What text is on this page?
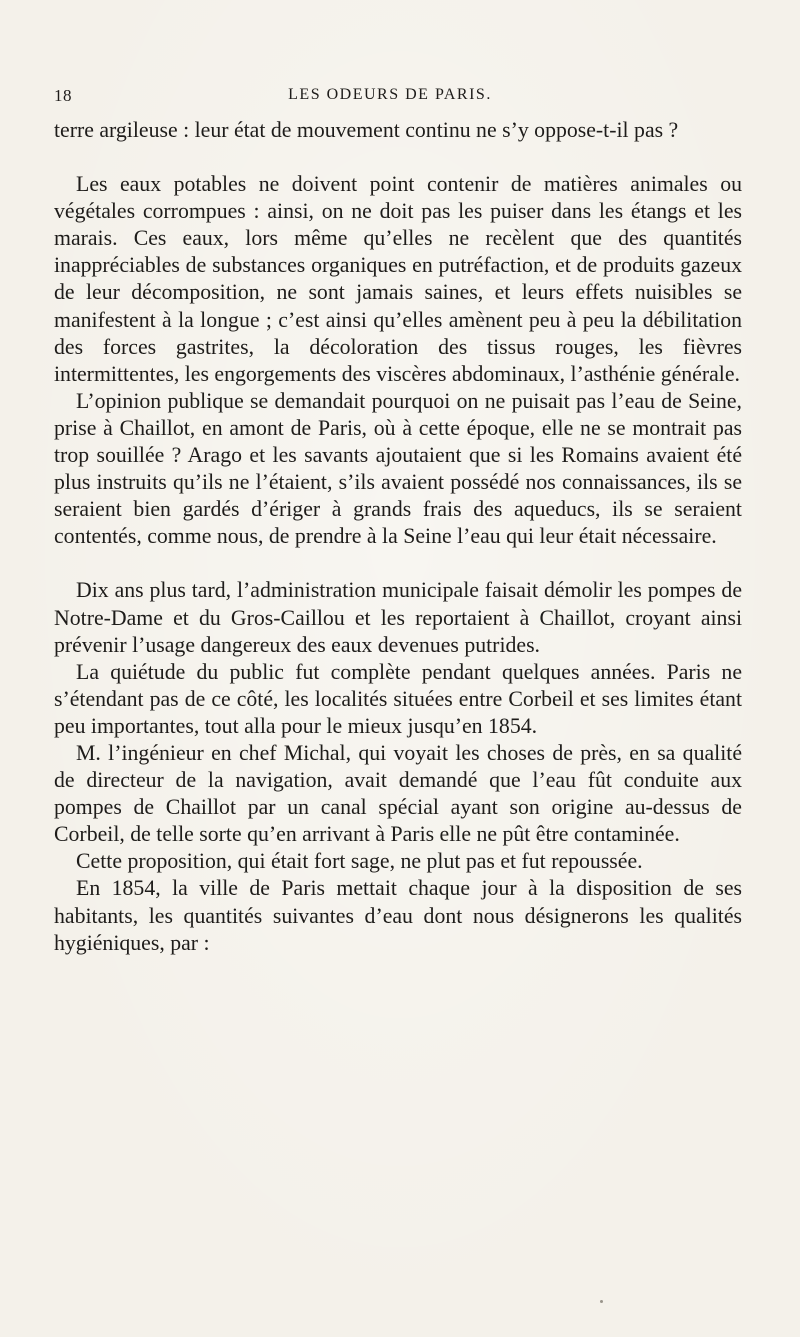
18	LES ODEURS DE PARIS.

terre argileuse : leur état de mouvement continu ne s’y oppose-t-il pas ?

Les eaux potables ne doivent point contenir de matières animales ou végétales corrompues : ainsi, on ne doit pas les puiser dans les étangs et les marais. Ces eaux, lors même qu’elles ne recèlent que des quantités inappréciables de substances organiques en putréfaction, et de produits gazeux de leur décomposition, ne sont jamais saines, et leurs effets nuisibles se manifestent à la longue ; c’est ainsi qu’elles amènent peu à peu la débilitation des forces gastrites, la décoloration des tissus rouges, les fièvres intermittentes, les engorgements des viscères abdominaux, l’asthénie générale.

L’opinion publique se demandait pourquoi on ne puisait pas l’eau de Seine, prise à Chaillot, en amont de Paris, où à cette époque, elle ne se montrait pas trop souillée ? Arago et les savants ajoutaient que si les Romains avaient été plus instruits qu’ils ne l’étaient, s’ils avaient possédé nos connaissances, ils se seraient bien gardés d’ériger à grands frais des aqueducs, ils se seraient contentés, comme nous, de prendre à la Seine l’eau qui leur était nécessaire.

Dix ans plus tard, l’administration municipale faisait démolir les pompes de Notre-Dame et du Gros-Caillou et les reportaient à Chaillot, croyant ainsi prévenir l’usage dangereux des eaux devenues putrides.

La quiétude du public fut complète pendant quelques années. Paris ne s’étendant pas de ce côté, les localités situées entre Corbeil et ses limites étant peu importantes, tout alla pour le mieux jusqu’en 1854.

M. l’ingénieur en chef Michal, qui voyait les choses de près, en sa qualité de directeur de la navigation, avait demandé que l’eau fût conduite aux pompes de Chaillot par un canal spécial ayant son origine au-dessus de Corbeil, de telle sorte qu’en arrivant à Paris elle ne pût être contaminée.

Cette proposition, qui était fort sage, ne plut pas et fut repoussée.

En 1854, la ville de Paris mettait chaque jour à la disposition de ses habitants, les quantités suivantes d’eau dont nous désignerons les qualités hygiéniques, par :
